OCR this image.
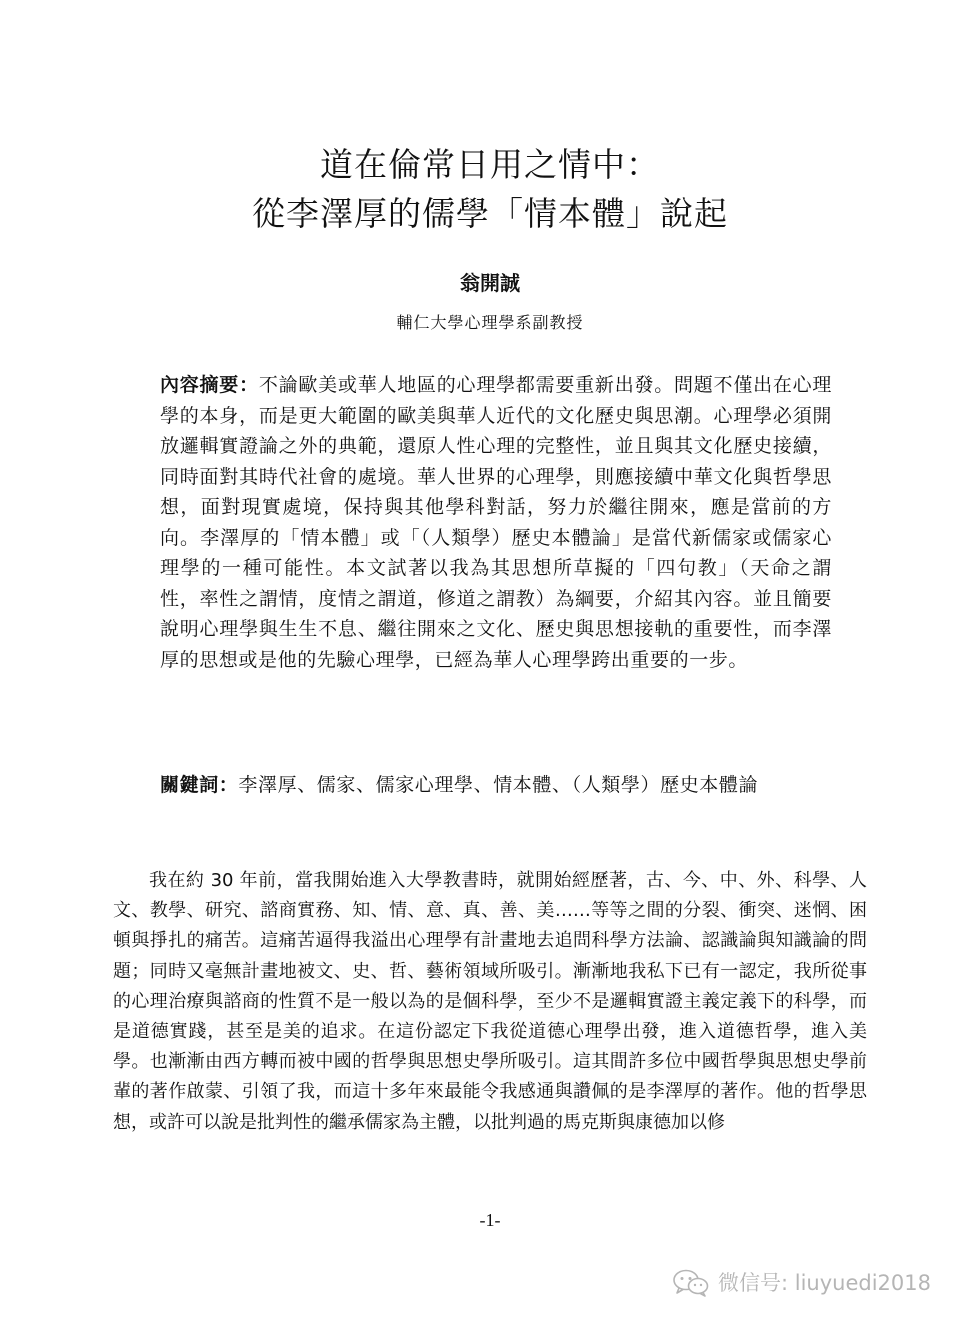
道在倫常日用之情中：
從李澤厚的儒學「情本體」說起
翁開誠
輔仁大學心理學系副教授
內容摘要：不論歐美或華人地區的心理學都需要重新出發。問題不僅出在心理學的本身，而是更大範圍的歐美與華人近代的文化歷史與思潮。心理學必須開放邏輯實證論之外的典範，還原人性心理的完整性，並且與其文化歷史接續，同時面對其時代社會的處境。華人世界的心理學，則應接續中華文化與哲學思想，面對現實處境，保持與其他學科對話，努力於繼往開來，應是當前的方向。李澤厚的「情本體」或「（人類學）歷史本體論」是當代新儒家或儒家心理學的一種可能性。本文試著以我為其思想所草擬的「四句教」（天命之謂性，率性之謂情，度情之謂道，修道之謂教）為綱要，介紹其內容。並且簡要說明心理學與生生不息、繼往開來之文化、歷史與思想接軌的重要性，而李澤厚的思想或是他的先驗心理學，已經為華人心理學跨出重要的一步。
關鍵詞：李澤厚、儒家、儒家心理學、情本體、（人類學）歷史本體論
我在約 30 年前，當我開始進入大學教書時，就開始經歷著，古、今、中、外、科學、人文、教學、研究、諮商實務、知、情、意、真、善、美……等等之間的分裂、衝突、迷惘、困頓與掙扎的痛苦。這痛苦逼得我溢出心理學有計畫地去追問科學方法論、認識論與知識論的問題；同時又毫無計畫地被文、史、哲、藝術領域所吸引。漸漸地我私下已有一認定，我所從事的心理治療與諮商的性質不是一般以為的是個科學，至少不是邏輯實證主義定義下的科學，而是道德實踐，甚至是美的追求。在這份認定下我從道德心理學出發，進入道德哲學，進入美學。也漸漸由西方轉而被中國的哲學與思想史學所吸引。這其間許多位中國哲學與思想史學前輩的著作啟蒙、引領了我，而這十多年來最能令我感通與讚佩的是李澤厚的著作。他的哲學思想，或許可以說是批判性的繼承儒家為主體，以批判過的馬克斯與康德加以修
-1-
微信号: liuyuedi2018
